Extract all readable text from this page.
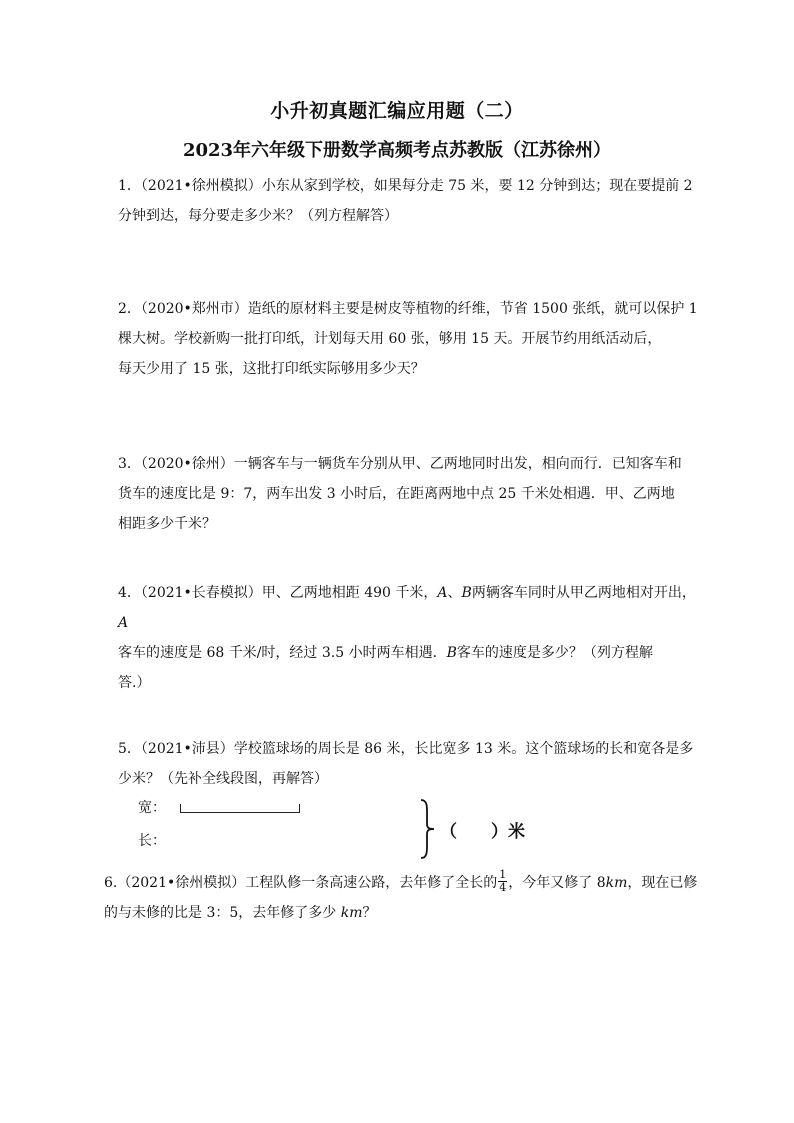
小升初真题汇编应用题（二）
2023年六年级下册数学高频考点苏教版（江苏徐州）
1．（2021•徐州模拟）小东从家到学校，如果每分走 75 米，要 12 分钟到达；现在要提前 2
分钟到达，每分要走多少米？（列方程解答）
2．（2020•郑州市）造纸的原材料主要是树皮等植物的纤维，节省 1500 张纸，就可以保护 1
棵大树。学校新购一批打印纸，计划每天用 60 张，够用 15 天。开展节约用纸活动后，
每天少用了 15 张，这批打印纸实际够用多少天？
3．（2020•徐州）一辆客车与一辆货车分别从甲、乙两地同时出发，相向而行．已知客车和
货车的速度比是 9：7，两车出发 3 小时后，在距离两地中点 25 千米处相遇．甲、乙两地
相距多少千米？
4．（2021•长春模拟）甲、乙两地相距 490 千米，A、B两辆客车同时从甲乙两地相对开出，A
客车的速度是 68 千米/时，经过 3.5 小时两车相遇．B客车的速度是多少？（列方程解
答.）
5．（2021•沛县）学校篮球场的周长是 86 米，长比宽多 13 米。这个篮球场的长和宽各是多
少米？（先补全线段图，再解答）
宽：
长：	（　　）米
6.（2021•徐州模拟）工程队修一条高速公路，去年修了全长的 $\frac{1}{4}$ ，今年又修了 8km，现在已修
的与未修的比是 3：5，去年修了多少 km？
